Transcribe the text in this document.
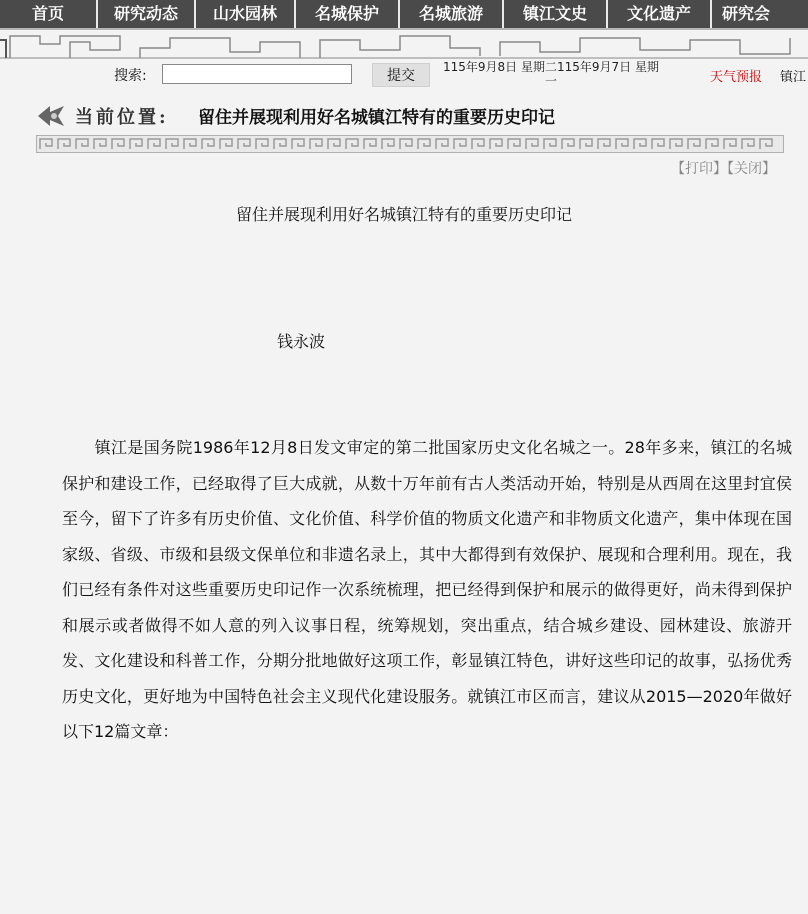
首页	研究动态	山水园林	名城保护	名城旅游	镇江文史	文化遗产	研究会
搜索:	提交
115年9月8日 星期二115年9月7日 星期一	天气预报 镇江
当前位置: 留住并展现利用好名城镇江特有的重要历史印记
【打印】【关闭】
留住并展现利用好名城镇江特有的重要历史印记
钱永波

　　镇江是国务院1986年12月8日发文审定的第二批国家历史文化名城之一。28年多来，镇江的名城保护和建设工作，已经取得了巨大成就，从数十万年前有古人类活动开始，特别是从西周在这里封宜侯至今，留下了许多有历史价值、文化价值、科学价值的物质文化遗产和非物质文化遗产，集中体现在国家级、省级、市级和县级文保单位和非遗名录上，其中大都得到有效保护、展现和合理利用。现在，我们已经有条件对这些重要历史印记作一次系统梳理，把已经得到保护和展示的做得更好，尚未得到保护和展示或者做得不如人意的列入议事日程，统筹规划，突出重点，结合城乡建设、园林建设、旅游开发、文化建设和科普工作，分期分批地做好这项工作，彰显镇江特色，讲好这些印记的故事，弘扬优秀历史文化，更好地为中国特色社会主义现代化建设服务。就镇江市区而言，建议从2015—2020年做好以下12篇文章：
